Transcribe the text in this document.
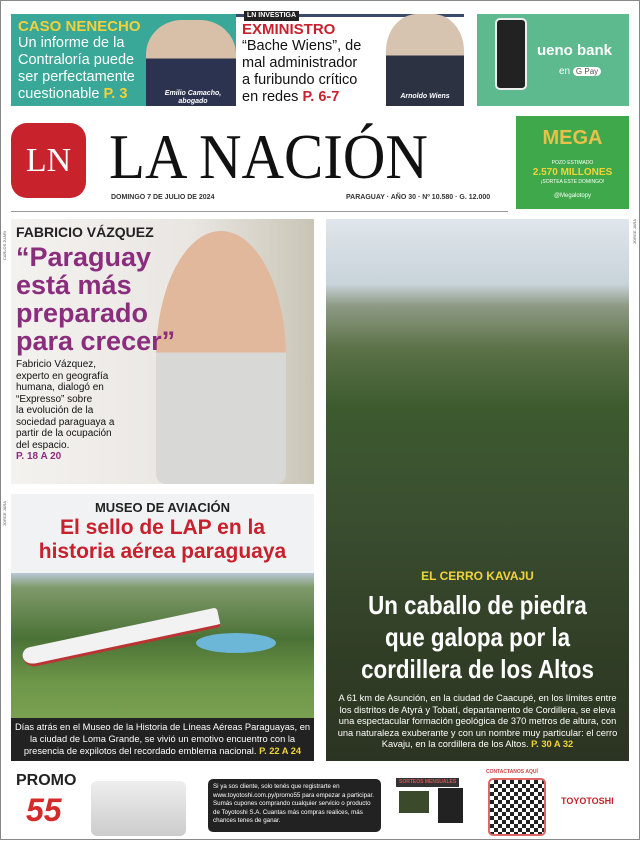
CASO NENECHO
Un informe de la
Contraloría puede
ser perfectamente
cuestionable P. 3	Emilio Camacho, abogado
LN INVESTIGA
EXMINISTRO
“Bache Wiens”, de
mal administrador
a furibundo crítico
en redes P. 6-7	Arnoldo Wiens
ueno bank
en G Pay
LN LA NACIÓN
DOMINGO 7 DE JULIO DE 2024	PARAGUAY · AÑO 30 · Nº 10.580 · G. 12.000
MEGA
POZO ESTIMADO
2.570 MILLONES
¡SORTEA ESTE DOMINGO!
@Megalotopy
FABRICIO VÁZQUEZ
“Paraguay
está más
preparado
para crecer”
Fabricio Vázquez,
experto en geografía
humana, dialogó en
“Expresso” sobre
la evolución de la
sociedad paraguaya a
partir de la ocupación
del espacio.
P. 18 A 20
CARLOS JUÁRI
MUSEO DE AVIACIÓN
El sello de LAP en la
historia aérea paraguaya
Días atrás en el Museo de la Historia de Líneas Aéreas Paraguayas, en la ciudad de Loma Grande, se vivió un emotivo encuentro con la presencia de expilotos del recordado emblema nacional. P. 22 A 24
JORGE JARA
EL CERRO KAVAJU
Un caballo de piedra
que galopa por la
cordillera de los Altos
A 61 km de Asunción, en la ciudad de Caacupé, en los límites entre los distritos de Atyrá y Tobatí, departamento de Cordillera, se eleva una espectacular formación geológica de 370 metros de altura, con una naturaleza exuberante y con un nombre muy particular: el cerro Kavaju, en la cordillera de los Altos. P. 30 A 32
JORGE JARA
PROMO
55
Si ya sos cliente, solo tenés que registrarte en www.toyotoshi.com.py/promo55 para empezar a participar. Sumás cupones comprando cualquier servicio o producto de Toyotoshi S.A. Cuantas más compras realices, más chances tenes de ganar.
SORTEOS MENSUALES
CONTACTANOS AQUÍ
TOYOTOSHI
